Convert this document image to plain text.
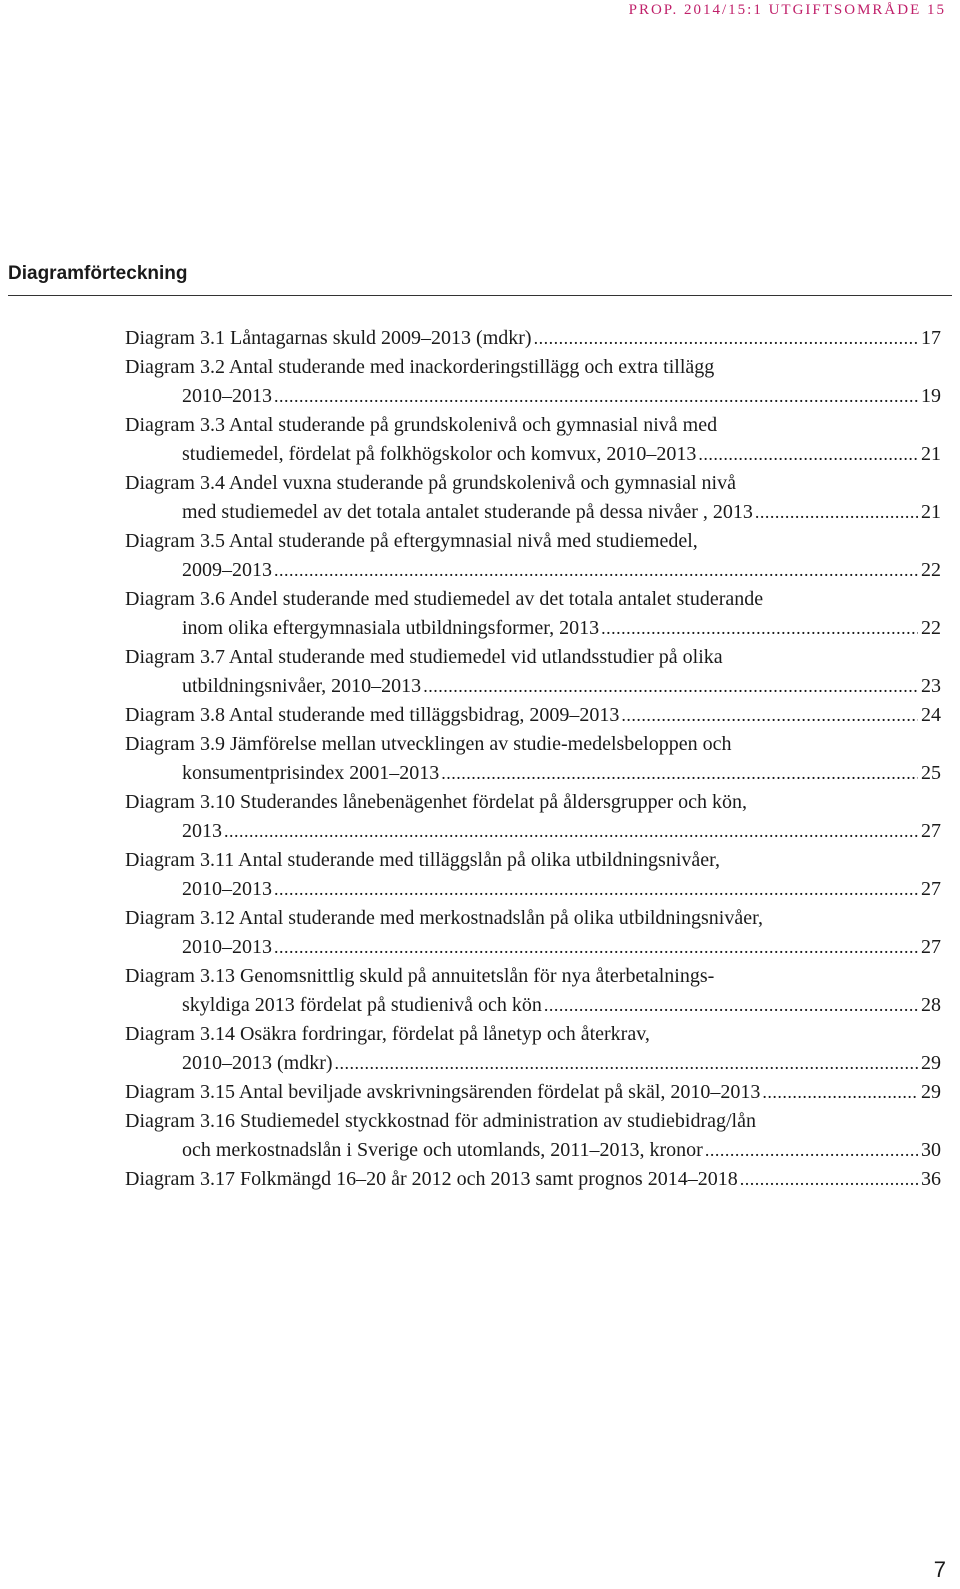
PROP. 2014/15:1 UTGIFTSOMRÅDE 15
Diagramförteckning
Diagram 3.1 Låntagarnas skuld 2009–2013 (mdkr) .....	17
Diagram 3.2 Antal studerande med inackorderingstillägg och extra tillägg
2010–2013 .....	19
Diagram 3.3 Antal studerande på grundskolenivå och gymnasial nivå med
studiemedel, fördelat på folkhögskolor och komvux, 2010–2013 .....	21
Diagram 3.4 Andel vuxna studerande på grundskolenivå och gymnasial nivå
med studiemedel av det totala antalet studerande på dessa nivåer , 2013 .....	21
Diagram 3.5 Antal studerande på eftergymnasial nivå med studiemedel,
2009–2013 .....	22
Diagram 3.6 Andel studerande med studiemedel av det totala antalet studerande
inom olika eftergymnasiala utbildningsformer, 2013 .....	22
Diagram 3.7 Antal studerande med studiemedel vid utlandsstudier på olika
utbildningsnivåer, 2010–2013 .....	23
Diagram 3.8 Antal studerande med tilläggsbidrag, 2009–2013 .....	24
Diagram 3.9 Jämförelse mellan utvecklingen av studie-medelsbeloppen och
konsumentprisindex 2001–2013 .....	25
Diagram 3.10 Studerandes lånebenägenhet fördelat på åldersgrupper och kön,
2013 .....	27
Diagram 3.11 Antal studerande med tilläggslån på olika utbildningsnivåer,
2010–2013 .....	27
Diagram 3.12 Antal studerande med merkostnadslån på olika utbildningsnivåer,
2010–2013 .....	27
Diagram 3.13 Genomsnittlig skuld på annuitetslån för nya återbetalnings-
skyldiga 2013 fördelat på studienivå och kön .....	28
Diagram 3.14 Osäkra fordringar, fördelat på lånetyp och återkrav,
2010–2013 (mdkr) .....	29
Diagram 3.15 Antal beviljade avskrivningsärenden fördelat på skäl, 2010–2013 .....	29
Diagram 3.16 Studiemedel styckkostnad för administration av studiebidrag/lån
och merkostnadslån i Sverige och utomlands, 2011–2013, kronor .....	30
Diagram 3.17 Folkmängd 16–20 år 2012 och 2013 samt prognos 2014–2018 .....	36
7
